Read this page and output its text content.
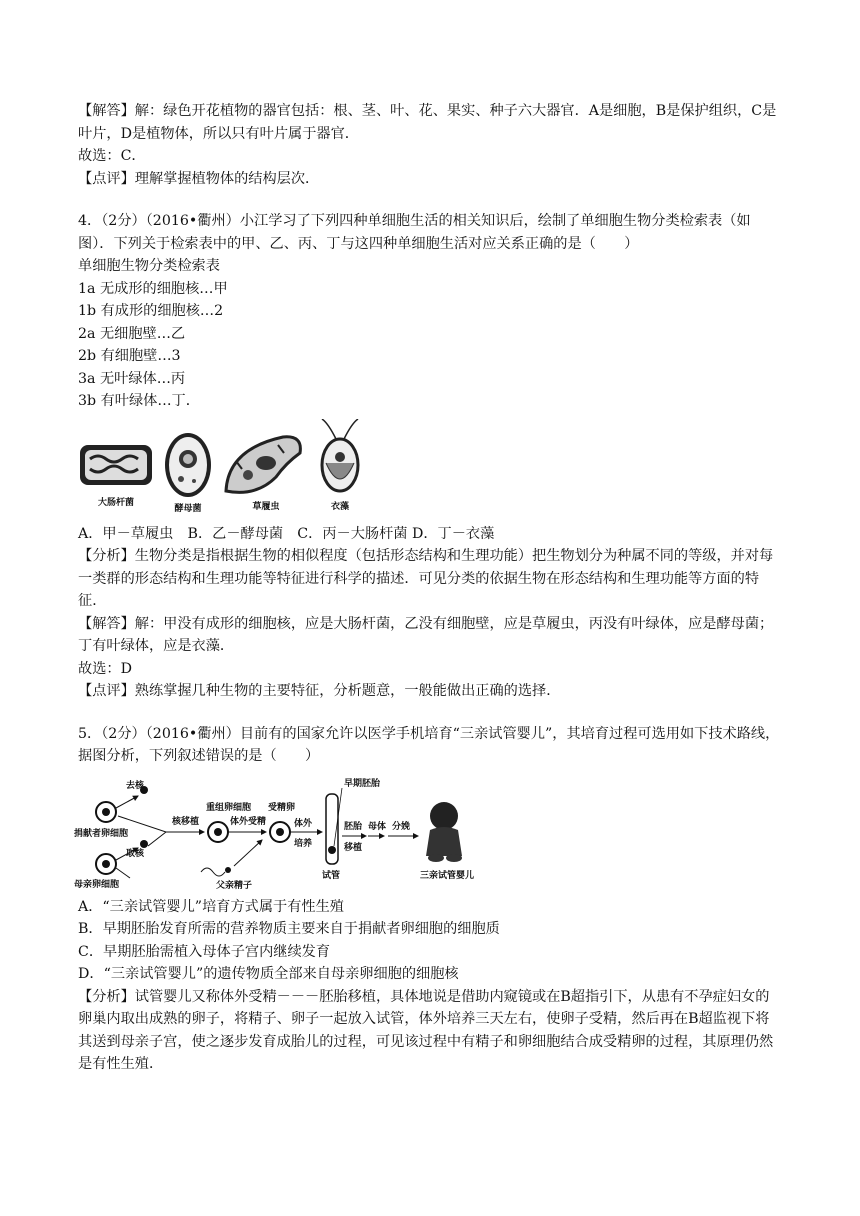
【解答】解：绿色开花植物的器官包括：根、茎、叶、花、果实、种子六大器官．A是细胞，B是保护组织，C是叶片，D是植物体，所以只有叶片属于器官．

故选：C．

【点评】理解掌握植物体的结构层次．

4．（2分）（2016•衢州）小江学习了下列四种单细胞生活的相关知识后，绘制了单细胞生物分类检索表（如图）．下列关于检索表中的甲、乙、丙、丁与这四种单细胞生活对应关系正确的是（　　）

单细胞生物分类检索表

1a 无成形的细胞核…甲

1b 有成形的细胞核…2

2a 无细胞壁…乙

2b 有细胞壁…3

3a 无叶绿体…丙

3b 有叶绿体…丁．

大肠杆菌
酵母菌	草履虫	衣藻

A．甲－草履虫　B．乙－酵母菌　C．丙－大肠杆菌 D．丁－衣藻

【分析】生物分类是指根据生物的相似程度（包括形态结构和生理功能）把生物划分为种属不同的等级，并对每一类群的形态结构和生理功能等特征进行科学的描述．可见分类的依据生物在形态结构和生理功能等方面的特征．

【解答】解：甲没有成形的细胞核，应是大肠杆菌，乙没有细胞壁，应是草履虫，丙没有叶绿体，应是酵母菌；丁有叶绿体，应是衣藻．

故选：D

【点评】熟练掌握几种生物的主要特征，分析题意，一般能做出正确的选择．

5．（2分）（2016•衢州）目前有的国家允许以医学手机培育“三亲试管婴儿”，其培育过程可选用如下技术路线，据图分析，下列叙述错误的是（　　）

去核
捐献者卵细胞
取核
母亲卵细胞
核移植
重组卵细胞
体外受精
父亲精子
受精卵
体外
培养
早期胚胎
试管
胚胎
移植
母体 分娩
三亲试管婴儿

A．“三亲试管婴儿”培育方式属于有性生殖

B．早期胚胎发育所需的营养物质主要来自于捐献者卵细胞的细胞质

C．早期胚胎需植入母体子宫内继续发育

D．“三亲试管婴儿”的遗传物质全部来自母亲卵细胞的细胞核

【分析】试管婴儿又称体外受精－－－胚胎移植，具体地说是借助内窥镜或在B超指引下，从患有不孕症妇女的卵巢内取出成熟的卵子，将精子、卵子一起放入试管，体外培养三天左右，使卵子受精，然后再在B超监视下将其送到母亲子宫，使之逐步发育成胎儿的过程，可见该过程中有精子和卵细胞结合成受精卵的过程，其原理仍然是有性生殖．
